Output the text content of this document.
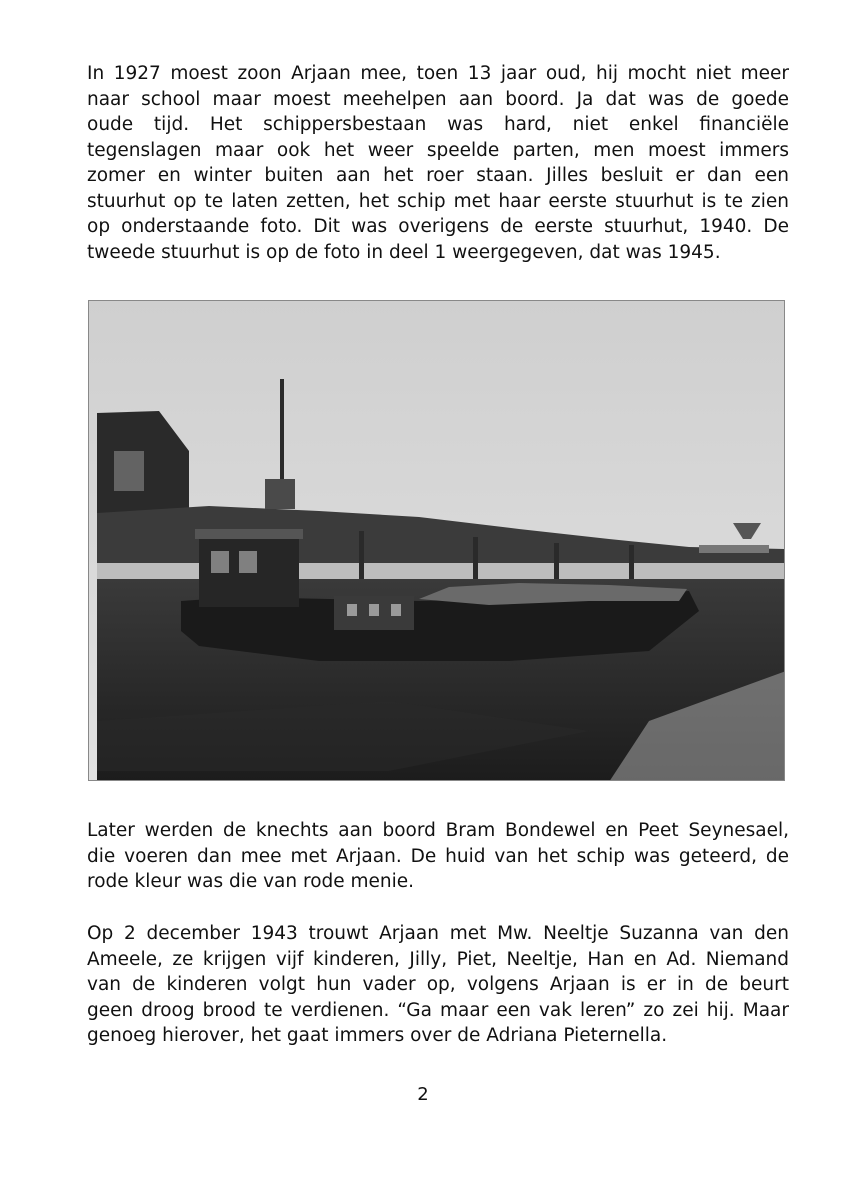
In 1927 moest zoon Arjaan mee, toen 13 jaar oud, hij mocht niet meer
naar school maar moest meehelpen aan boord. Ja dat was de goede
oude tijd. Het schippersbestaan was hard, niet enkel financiële
tegenslagen maar ook het weer speelde parten, men moest immers
zomer en winter buiten aan het roer staan. Jilles besluit er dan een
stuurhut op te laten zetten, het schip met haar eerste stuurhut is te zien
op onderstaande foto. Dit was overigens de eerste stuurhut, 1940. De
tweede stuurhut is op de foto in deel 1 weergegeven, dat was 1945.
Later werden de knechts aan boord Bram Bondewel en Peet Seynesael,
die voeren dan mee met Arjaan. De huid van het schip was geteerd, de
rode kleur was die van rode menie.
Op 2 december 1943 trouwt Arjaan met Mw. Neeltje Suzanna van den
Ameele, ze krijgen vijf kinderen, Jilly, Piet, Neeltje, Han en Ad. Niemand
van de kinderen volgt hun vader op, volgens Arjaan is er in de beurt
geen droog brood te verdienen. “Ga maar een vak leren” zo zei hij. Maar
genoeg hierover, het gaat immers over de Adriana Pieternella.
2
